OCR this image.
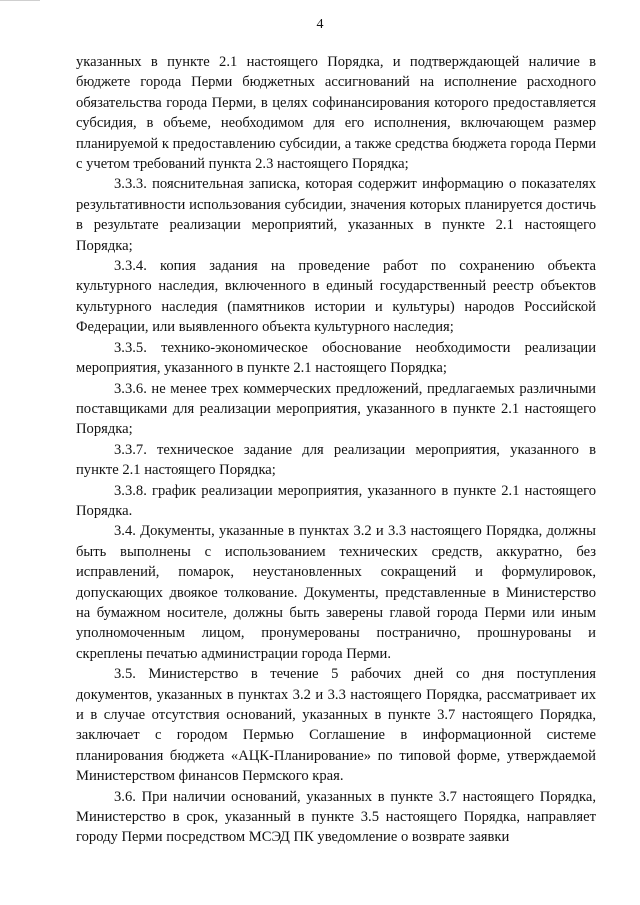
4

указанных в пункте 2.1 настоящего Порядка, и подтверждающей наличие в бюджете города Перми бюджетных ассигнований на исполнение расходного обязательства города Перми, в целях софинансирования которого предоставляется субсидия, в объеме, необходимом для его исполнения, включающем размер планируемой к предоставлению субсидии, а также средства бюджета города Перми с учетом требований пункта 2.3 настоящего Порядка;

3.3.3. пояснительная записка, которая содержит информацию о показателях результативности использования субсидии, значения которых планируется достичь в результате реализации мероприятий, указанных в пункте 2.1 настоящего Порядка;

3.3.4. копия задания на проведение работ по сохранению объекта культурного наследия, включенного в единый государственный реестр объектов культурного наследия (памятников истории и культуры) народов Российской Федерации, или выявленного объекта культурного наследия;

3.3.5. технико-экономическое обоснование необходимости реализации мероприятия, указанного в пункте 2.1 настоящего Порядка;

3.3.6. не менее трех коммерческих предложений, предлагаемых различными поставщиками для реализации мероприятия, указанного в пункте 2.1 настоящего Порядка;

3.3.7. техническое задание для реализации мероприятия, указанного в пункте 2.1 настоящего Порядка;

3.3.8. график реализации мероприятия, указанного в пункте 2.1 настоящего Порядка.

3.4. Документы, указанные в пунктах 3.2 и 3.3 настоящего Порядка, должны быть выполнены с использованием технических средств, аккуратно, без исправлений, помарок, неустановленных сокращений и формулировок, допускающих двоякое толкование. Документы, представленные в Министерство на бумажном носителе, должны быть заверены главой города Перми или иным уполномоченным лицом, пронумерованы постранично, прошнурованы и скреплены печатью администрации города Перми.

3.5. Министерство в течение 5 рабочих дней со дня поступления документов, указанных в пунктах 3.2 и 3.3 настоящего Порядка, рассматривает их и в случае отсутствия оснований, указанных в пункте 3.7 настоящего Порядка, заключает с городом Пермью Соглашение в информационной системе планирования бюджета «АЦК-Планирование» по типовой форме, утверждаемой Министерством финансов Пермского края.

3.6. При наличии оснований, указанных в пункте 3.7 настоящего Порядка, Министерство в срок, указанный в пункте 3.5 настоящего Порядка, направляет городу Перми посредством МСЭД ПК уведомление о возврате заявки
